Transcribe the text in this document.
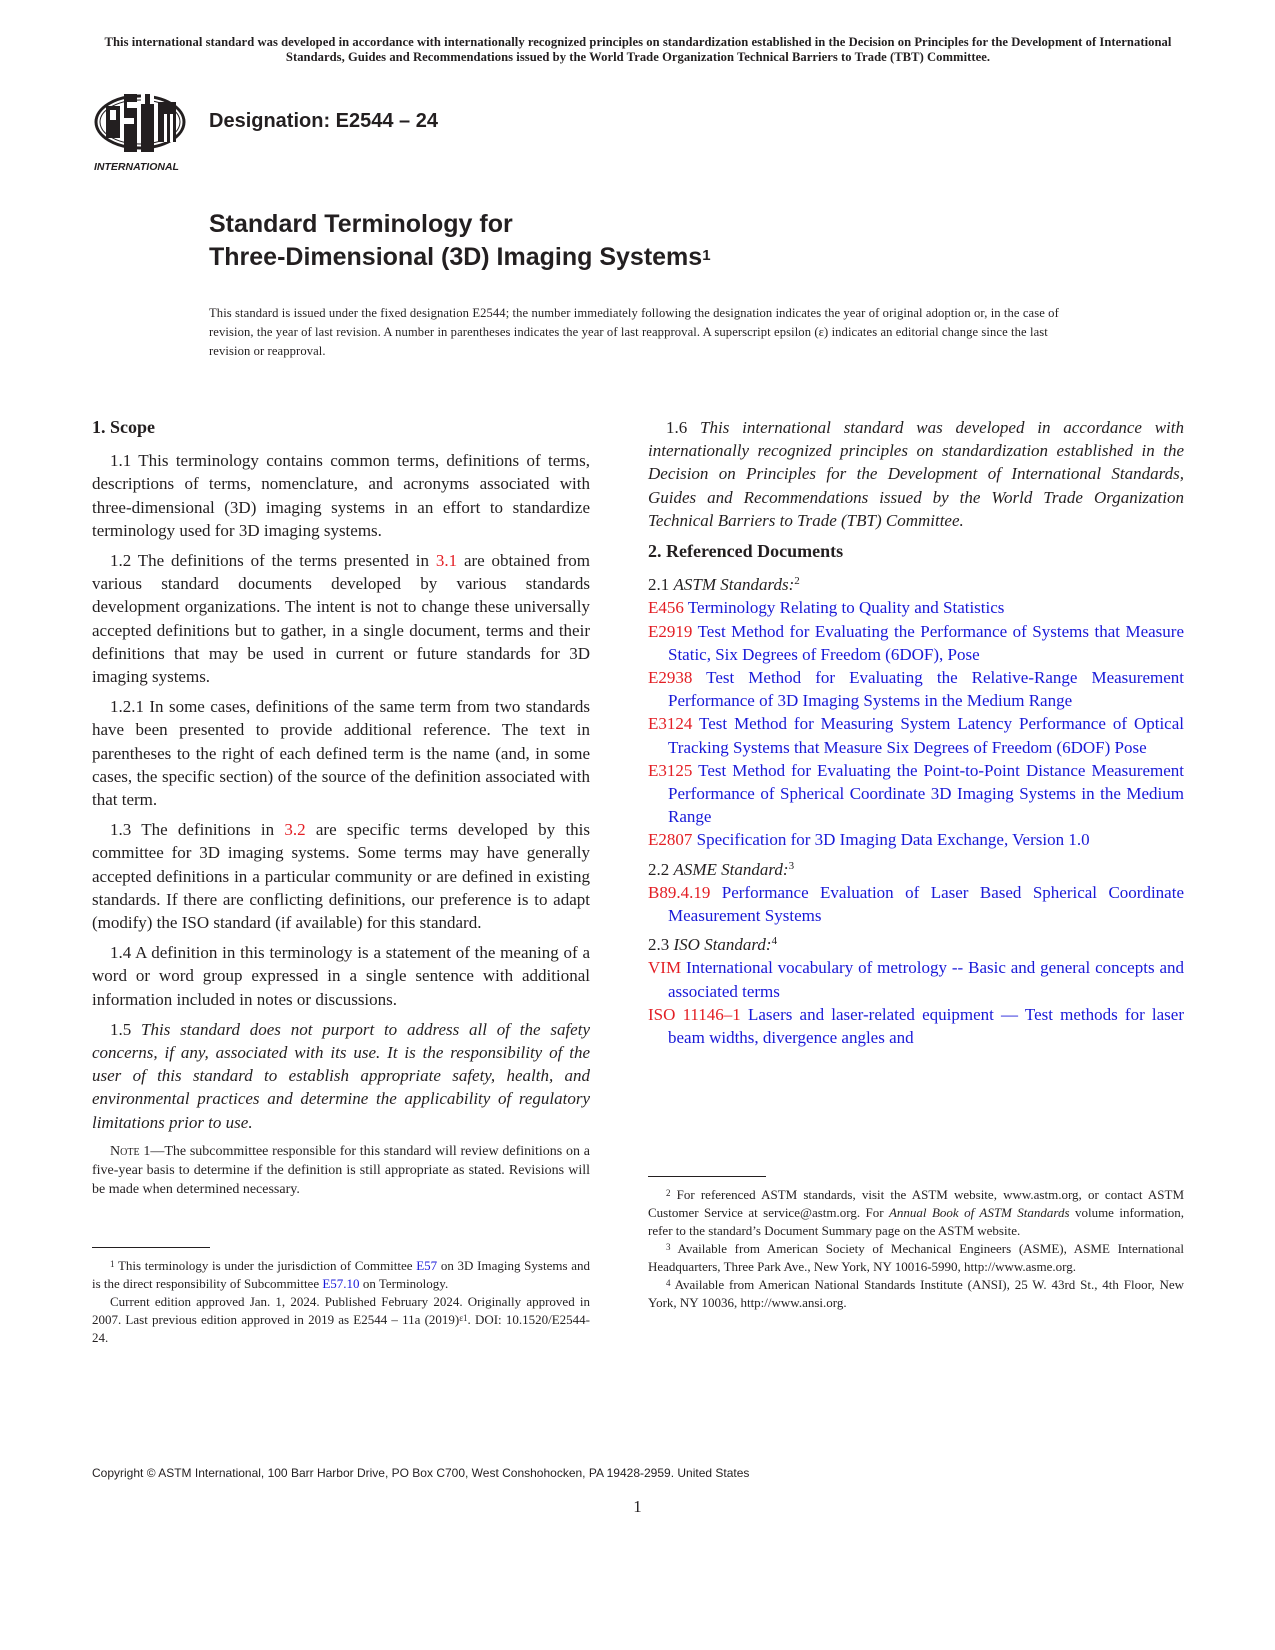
This international standard was developed in accordance with internationally recognized principles on standardization established in the Decision on Principles for the Development of International Standards, Guides and Recommendations issued by the World Trade Organization Technical Barriers to Trade (TBT) Committee.
INTERNATIONAL
Designation: E2544 – 24
Standard Terminology for
Three-Dimensional (3D) Imaging Systems$^1$
This standard is issued under the fixed designation E2544; the number immediately following the designation indicates the year of original adoption or, in the case of revision, the year of last revision. A number in parentheses indicates the year of last reapproval. A superscript epsilon (ε) indicates an editorial change since the last revision or reapproval.

1. Scope

1.1 This terminology contains common terms, definitions of terms, descriptions of terms, nomenclature, and acronyms associated with three-dimensional (3D) imaging systems in an effort to standardize terminology used for 3D imaging systems.

1.2 The definitions of the terms presented in 3.1 are obtained from various standard documents developed by various standards development organizations. The intent is not to change these universally accepted definitions but to gather, in a single document, terms and their definitions that may be used in current or future standards for 3D imaging systems.

1.2.1 In some cases, definitions of the same term from two standards have been presented to provide additional reference. The text in parentheses to the right of each defined term is the name (and, in some cases, the specific section) of the source of the definition associated with that term.

1.3 The definitions in 3.2 are specific terms developed by this committee for 3D imaging systems. Some terms may have generally accepted definitions in a particular community or are defined in existing standards. If there are conflicting definitions, our preference is to adapt (modify) the ISO standard (if available) for this standard.

1.4 A definition in this terminology is a statement of the meaning of a word or word group expressed in a single sentence with additional information included in notes or discussions.

1.5 This standard does not purport to address all of the safety concerns, if any, associated with its use. It is the responsibility of the user of this standard to establish appropriate safety, health, and environmental practices and determine the applicability of regulatory limitations prior to use.

Note 1—The subcommittee responsible for this standard will review definitions on a five-year basis to determine if the definition is still appropriate as stated. Revisions will be made when determined necessary.

$^1$ This terminology is under the jurisdiction of Committee E57 on 3D Imaging Systems and is the direct responsibility of Subcommittee E57.10 on Terminology.

Current edition approved Jan. 1, 2024. Published February 2024. Originally approved in 2007. Last previous edition approved in 2019 as E2544 – 11a $(2019)^{\varepsilon 1}$. DOI: 10.1520/E2544-24.

1.6 This international standard was developed in accordance with internationally recognized principles on standardization established in the Decision on Principles for the Development of International Standards, Guides and Recommendations issued by the World Trade Organization Technical Barriers to Trade (TBT) Committee.

2. Referenced Documents

2.1 ASTM Standards:$^2$

E456 Terminology Relating to Quality and Statistics

E2919 Test Method for Evaluating the Performance of Systems that Measure Static, Six Degrees of Freedom (6DOF), Pose

E2938 Test Method for Evaluating the Relative-Range Measurement Performance of 3D Imaging Systems in the Medium Range

E3124 Test Method for Measuring System Latency Performance of Optical Tracking Systems that Measure Six Degrees of Freedom (6DOF) Pose

E3125 Test Method for Evaluating the Point-to-Point Distance Measurement Performance of Spherical Coordinate 3D Imaging Systems in the Medium Range

E2807 Specification for 3D Imaging Data Exchange, Version 1.0

2.2 ASME Standard:$^3$

B89.4.19 Performance Evaluation of Laser Based Spherical Coordinate Measurement Systems

2.3 ISO Standard:$^4$

VIM International vocabulary of metrology -- Basic and general concepts and associated terms

ISO 11146–1 Lasers and laser-related equipment — Test methods for laser beam widths, divergence angles and

$^2$ For referenced ASTM standards, visit the ASTM website, www.astm.org, or contact ASTM Customer Service at service@astm.org. For Annual Book of ASTM Standards volume information, refer to the standard’s Document Summary page on the ASTM website.

$^3$ Available from American Society of Mechanical Engineers (ASME), ASME International Headquarters, Three Park Ave., New York, NY 10016-5990, http://www.asme.org.

$^4$ Available from American National Standards Institute (ANSI), 25 W. 43rd St., 4th Floor, New York, NY 10036, http://www.ansi.org.

Copyright © ASTM International, 100 Barr Harbor Drive, PO Box C700, West Conshohocken, PA 19428-2959. United States
1
